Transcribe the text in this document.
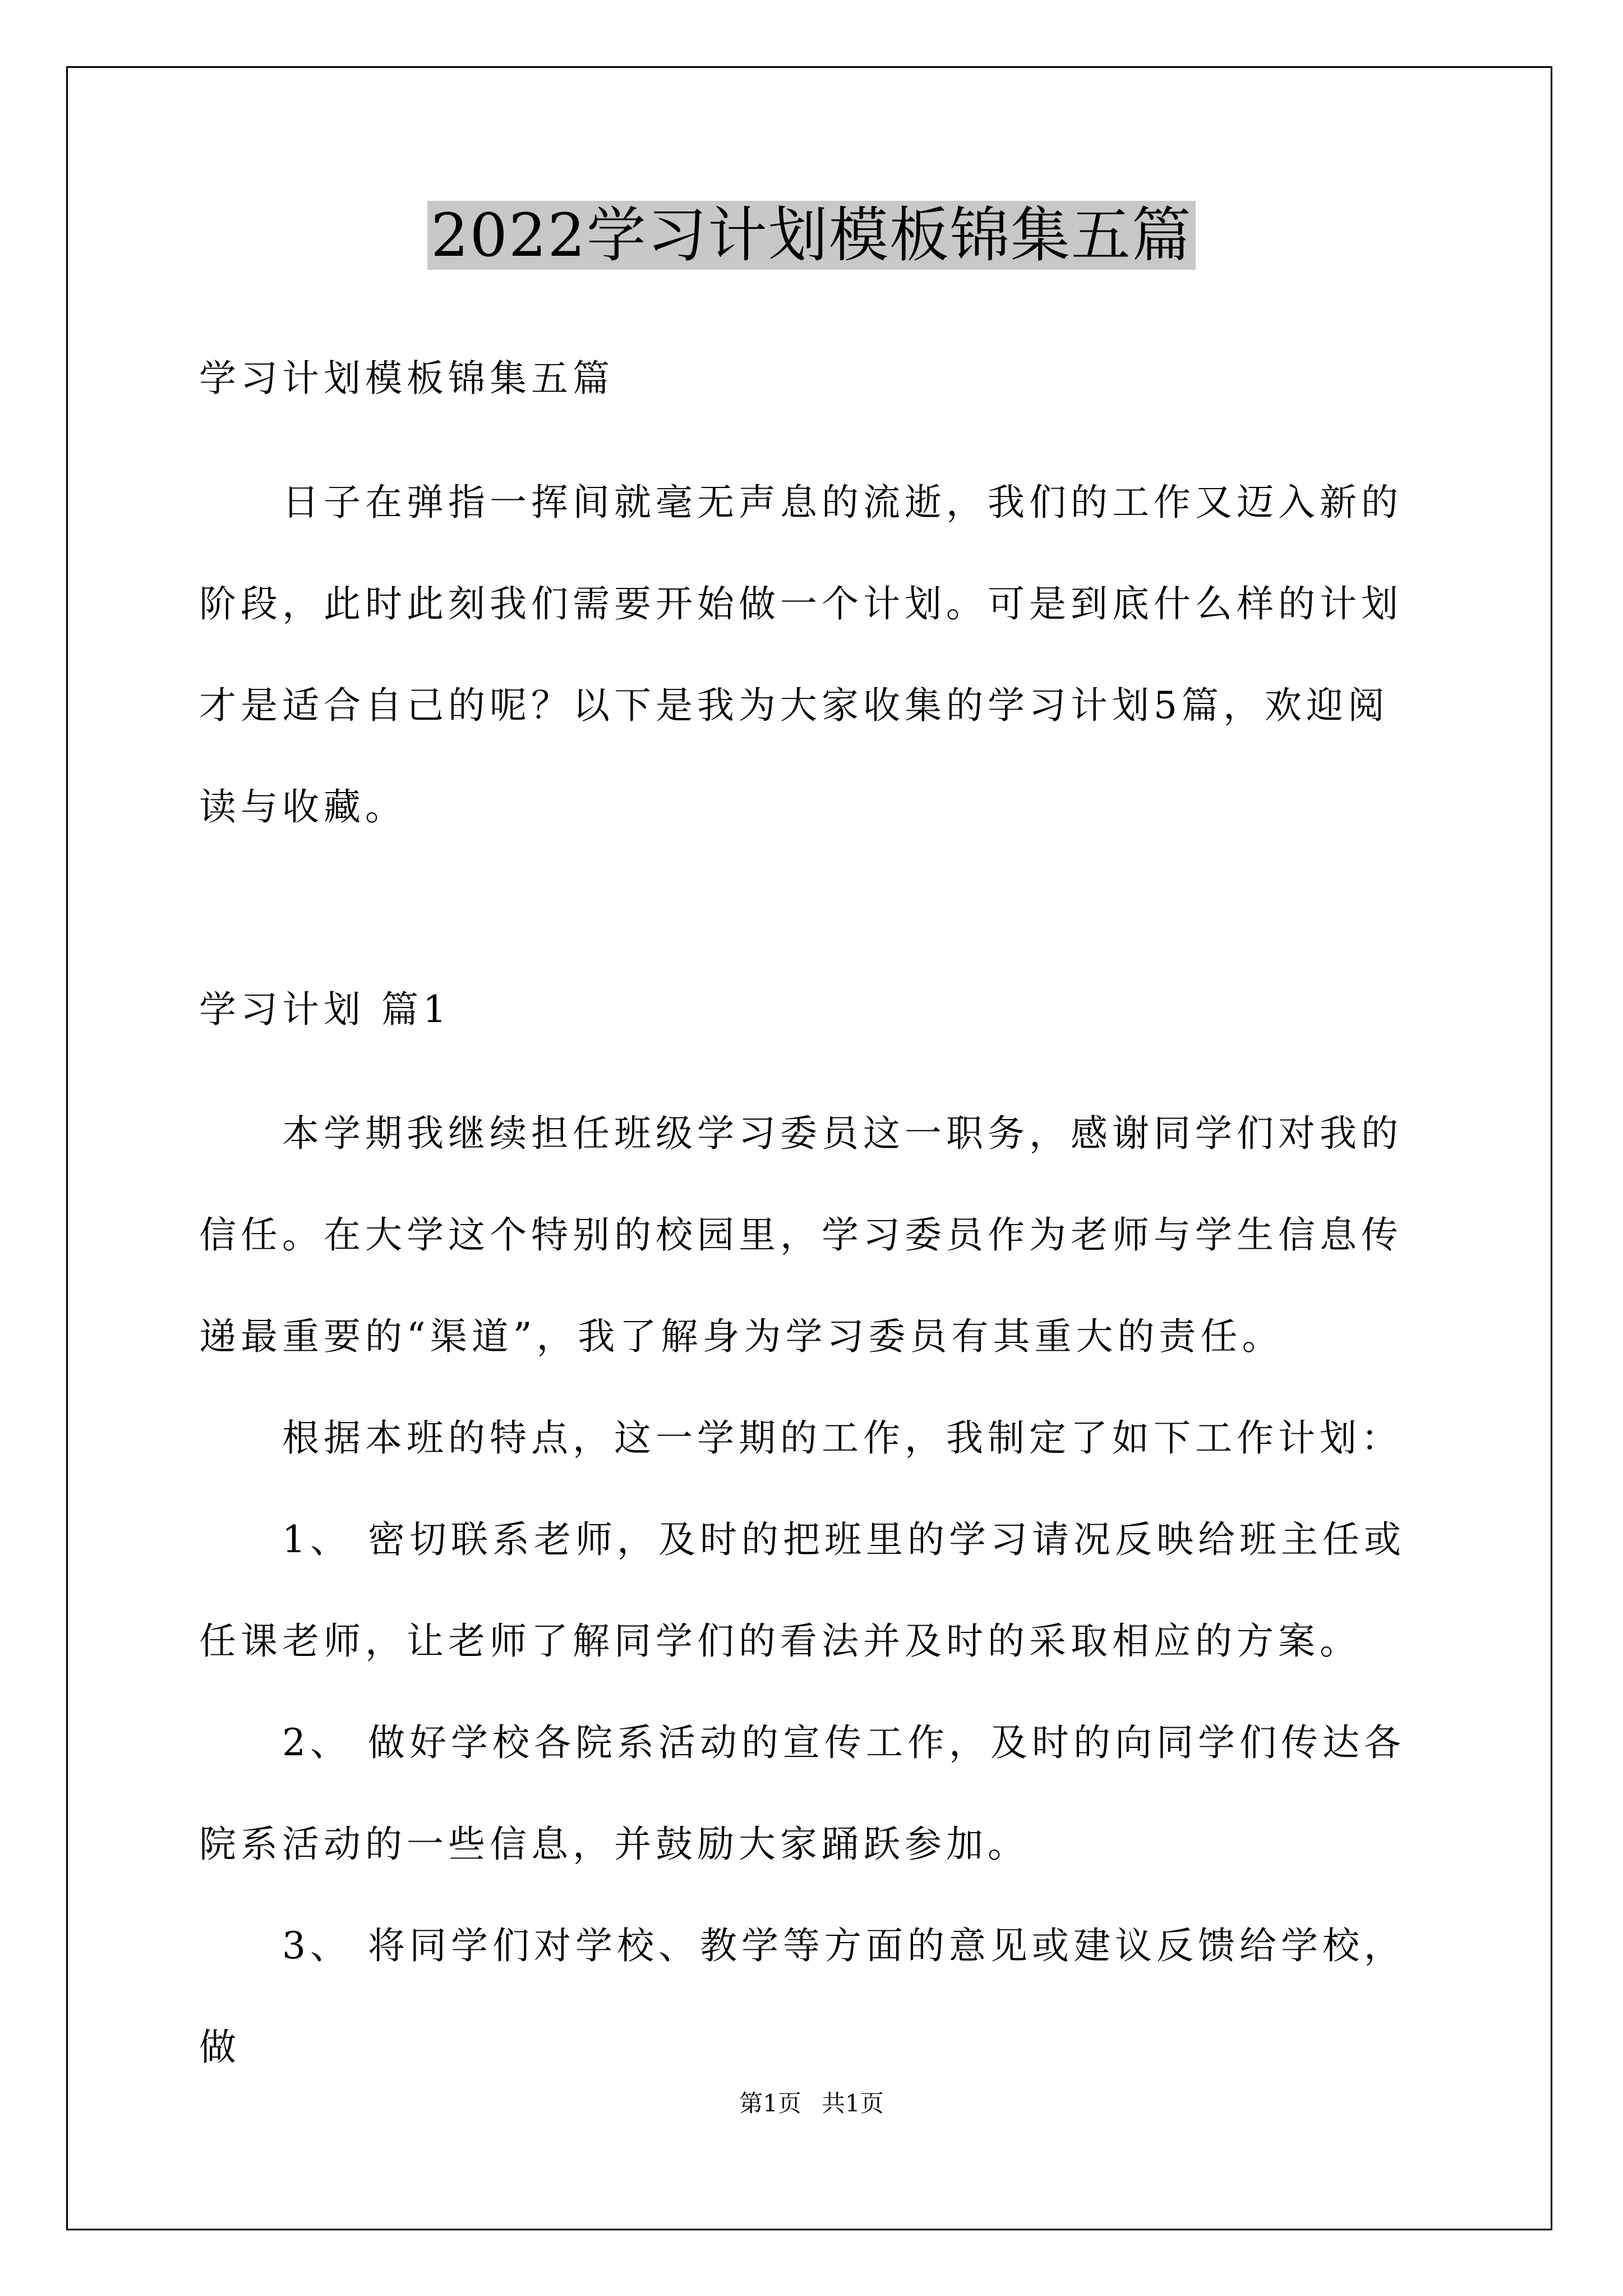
2022学习计划模板锦集五篇
学习计划模板锦集五篇
日子在弹指一挥间就毫无声息的流逝，我们的工作又迈入新的阶段，此时此刻我们需要开始做一个计划。可是到底什么样的计划才是适合自己的呢？以下是我为大家收集的学习计划5篇，欢迎阅读与收藏。
学习计划 篇1

本学期我继续担任班级学习委员这一职务，感谢同学们对我的信任。在大学这个特别的校园里，学习委员作为老师与学生信息传递最重要的“渠道”，我了解身为学习委员有其重大的责任。

根据本班的特点，这一学期的工作，我制定了如下工作计划：

1、 密切联系老师，及时的把班里的学习请况反映给班主任或任课老师，让老师了解同学们的看法并及时的采取相应的方案。

2、 做好学校各院系活动的宣传工作，及时的向同学们传达各院系活动的一些信息，并鼓励大家踊跃参加。

3、 将同学们对学校、教学等方面的意见或建议反馈给学校，做

第1页 共1页
